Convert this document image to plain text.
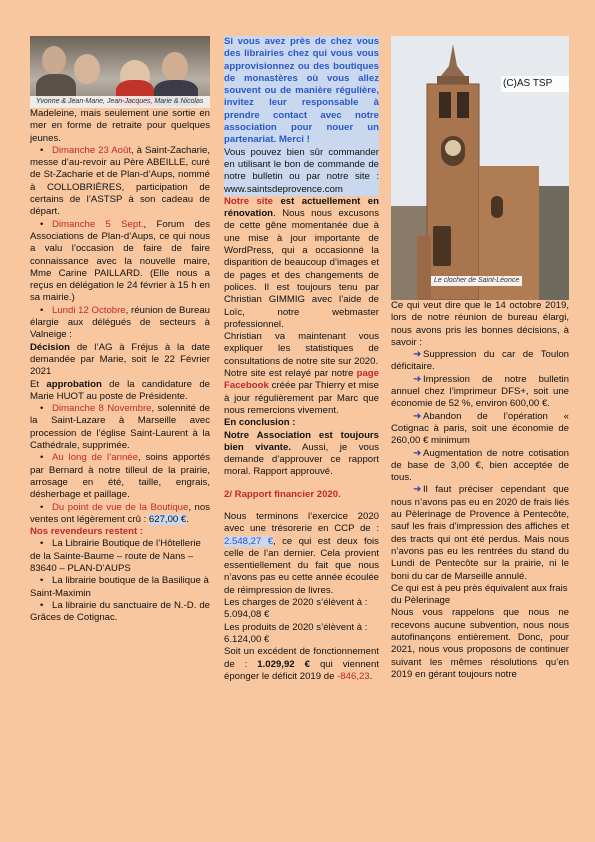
Yvonne & Jean-Marie, Jean-Jacques, Marie & Nicolas

Madeleine, mais seulement une sortie en mer en forme de retraite pour quelques jeunes.

• Dimanche 23 Août, à Saint-Zacharie, messe d’au-revoir au Père ABEILLE, curé de St-Zacharie et de Plan-d’Aups, nommé à COLLOBRIÈRES, participation de certains de l’ASTSP à son cadeau de départ.

• Dimanche 5 Sept., Forum des Associations de Plan-d’Aups, ce qui nous a valu l’occasion de faire de faire connaissance avec la nouvelle maire, Mme Carine PAILLARD. (Elle nous a reçus en délégation le 24 février à 15 h en sa mairie.)

• Lundi 12 Octobre, réunion de Bureau élargie aux délégués de secteurs à Valneige :

Décision de l’AG à Fréjus à la date demandée par Marie, soit le 22 Février 2021

Et approbation de la candidature de Marie HUOT au poste de Présidente.

• Dimanche 8 Novembre, solennité de la Saint-Lazare à Marseille avec procession de l’église Saint-Laurent à la Cathédrale, supprimée.

• Au long de l’année, soins apportés par Bernard à notre tilleul de la prairie, arrosage en été, taille, engrais, désherbage et paillage.

• Du point de vue de la Boutique, nos ventes ont légèrement crû : 627,00 €.

Nos revendeurs restent :

• La Librairie Boutique de l’Hôtellerie de la Sainte-Baume – route de Nans – 83640 – PLAN-D’AUPS

• La librairie boutique de la Basilique à Saint-Maximin

• La librairie du sanctuaire de N.-D. de Grâces de Cotignac.

Si vous avez près de chez vous des librairies chez qui vous vous approvisionnez ou des boutiques de monastères où vous allez souvent ou de manière régulière, invitez leur responsable à prendre contact avec notre association pour nouer un partenariat. Merci !

Vous pouvez bien sûr commander en utilisant le bon de commande de notre bulletin ou par notre site : www.saintsdeprovence.com

Notre site est actuellement en rénovation. Nous nous excusons de cette gêne momentanée due à une mise à jour importante de WordPress, qui a occasionné la disparition de beaucoup d’images et de pages et des changements de polices. Il est toujours tenu par Christian GIMMIG avec l’aide de Loïc, notre webmaster professionnel.

Christian va maintenant vous expliquer les statistiques de consultations de notre site sur 2020.

Notre site est relayé par notre page Facebook créée par Thierry et mise à jour régulièrement par Marc que nous remercions vivement.

En conclusion :

Notre Association est toujours bien vivante. Aussi, je vous demande d’approuver ce rapport moral. Rapport approuvé.

2/ Rapport financier 2020.

Nous terminons l’exercice 2020 avec une trésorerie en CCP de : 2.548,27 €, ce qui est deux fois celle de l’an dernier. Cela provient essentiellement du fait que nous n’avons pas eu cette année écoulée de réimpression de livres.

Les charges de 2020 s’élèvent à : 5.094,08 €

Les produits de 2020 s’élèvent à : 6.124,00 €

Soit un excédent de fonctionnement de : 1.029,92 € qui viennent éponger le déficit 2019 de -846,23.

(C)AS TSP
Le clocher de Saint-Léonce

Ce qui veut dire que le 14 octobre 2019, lors de notre réunion de bureau élargi, nous avons pris les bonnes décisions, à savoir :

➜ Suppression du car de Toulon déficitaire.

➜ Impression de notre bulletin annuel chez l’imprimeur DFS+, soit une économie de 52 %, environ 600,00 €.

➜ Abandon de l’opération « Cotignac à paris, soit une économie de 260,00 € minimum

➜ Augmentation de notre cotisation de base de 3,00 €, bien acceptée de tous.

➜ Il faut préciser cependant que nous n’avons pas eu en 2020 de frais liés au Pèlerinage de Provence à Pentecôte, sauf les frais d’impression des affiches et des tracts qui ont été perdus. Mais nous n’avons pas eu les rentrées du stand du Lundi de Pentecôte sur la prairie, ni le boni du car de Marseille annulé.

Ce qui est à peu près équivalent aux frais du Pèlerinage

Nous vous rappelons que nous ne recevons aucune subvention, nous nous autofinançons entièrement. Donc, pour 2021, nous vous proposons de continuer suivant les mêmes résolutions qu’en 2019 en gérant toujours notre
